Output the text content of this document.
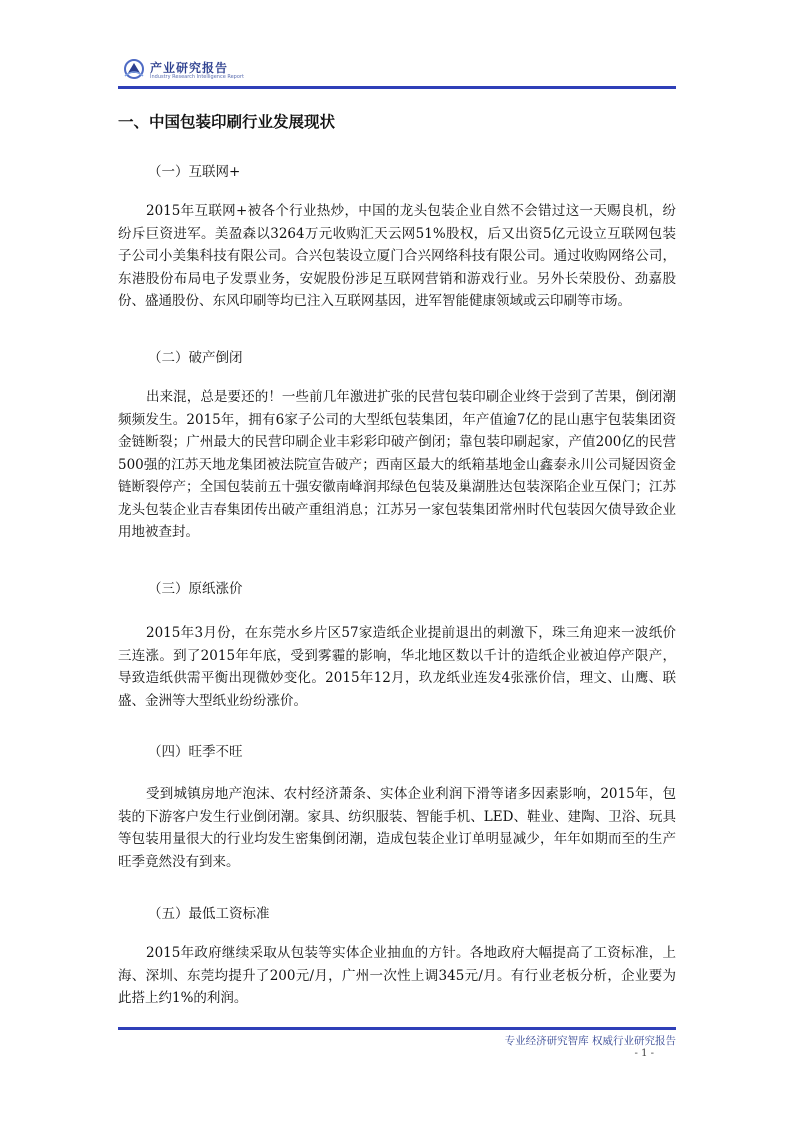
产业研究报告
Industry Research Intelligence Report
一、中国包装印刷行业发展现状
（一）互联网+
2015年互联网+被各个行业热炒，中国的龙头包装企业自然不会错过这一天赐良机，纷纷斥巨资进军。美盈森以3264万元收购汇天云网51%股权，后又出资5亿元设立互联网包装子公司小美集科技有限公司。合兴包装设立厦门合兴网络科技有限公司。通过收购网络公司，东港股份布局电子发票业务，安妮股份涉足互联网营销和游戏行业。另外长荣股份、劲嘉股份、盛通股份、东风印刷等均已注入互联网基因，进军智能健康领域或云印刷等市场。
（二）破产倒闭
出来混，总是要还的！一些前几年激进扩张的民营包装印刷企业终于尝到了苦果，倒闭潮频频发生。2015年，拥有6家子公司的大型纸包装集团，年产值逾7亿的昆山惠宇包装集团资金链断裂；广州最大的民营印刷企业丰彩彩印破产倒闭；靠包装印刷起家，产值200亿的民营500强的江苏天地龙集团被法院宣告破产；西南区最大的纸箱基地金山鑫泰永川公司疑因资金链断裂停产；全国包装前五十强安徽南峰润邦绿色包装及巢湖胜达包装深陷企业互保门；江苏龙头包装企业吉春集团传出破产重组消息；江苏另一家包装集团常州时代包装因欠债导致企业用地被查封。
（三）原纸涨价
2015年3月份，在东莞水乡片区57家造纸企业提前退出的刺激下，珠三角迎来一波纸价三连涨。到了2015年年底，受到雾霾的影响，华北地区数以千计的造纸企业被迫停产限产，导致造纸供需平衡出现微妙变化。2015年12月，玖龙纸业连发4张涨价信，理文、山鹰、联盛、金洲等大型纸业纷纷涨价。
（四）旺季不旺
受到城镇房地产泡沫、农村经济萧条、实体企业利润下滑等诸多因素影响，2015年，包装的下游客户发生行业倒闭潮。家具、纺织服装、智能手机、LED、鞋业、建陶、卫浴、玩具等包装用量很大的行业均发生密集倒闭潮，造成包装企业订单明显减少，年年如期而至的生产旺季竟然没有到来。
（五）最低工资标准
2015年政府继续采取从包装等实体企业抽血的方针。各地政府大幅提高了工资标准，上海、深圳、东莞均提升了200元/月，广州一次性上调345元/月。有行业老板分析，企业要为此搭上约1%的利润。
专业经济研究智库 权威行业研究报告
- 1 -
